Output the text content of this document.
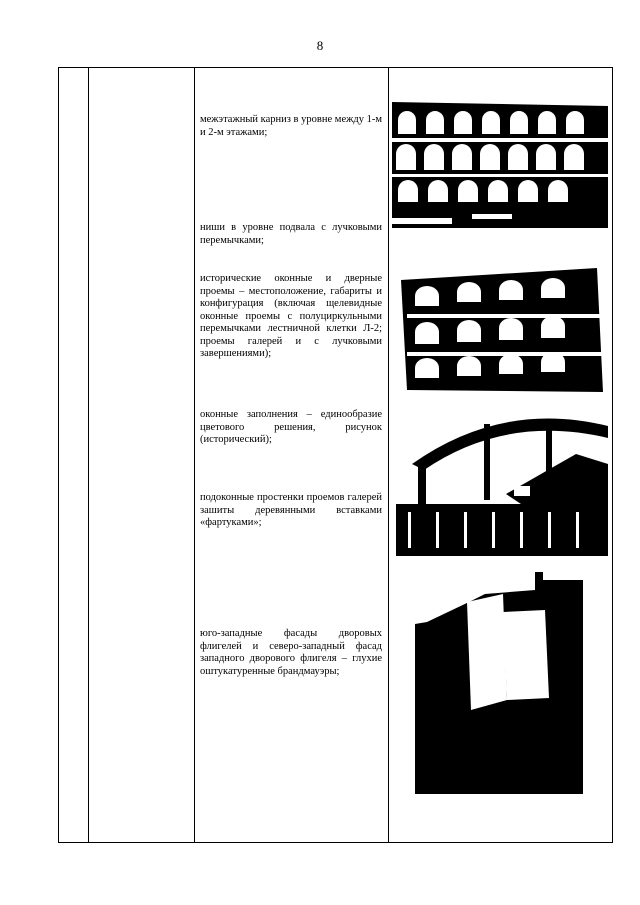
8
межэтажный карниз в уровне между 1-м и 2-м этажами;
ниши в уровне подвала с лучковыми перемычками;
исторические оконные и дверные проемы – местоположение, габариты и конфигурация (включая щелевидные оконные проемы с полуциркульными перемычками лестничной клетки Л-2; проемы галерей и с лучковыми завершениями);
оконные заполнения – единообразие цветового решения, рисунок (исторический);
подоконные простенки проемов галерей зашиты деревянными вставками «фартуками»;
юго-западные фасады дворовых флигелей и северо-западный фасад западного дворового флигеля – глухие оштукатуренные брандмауэры;
